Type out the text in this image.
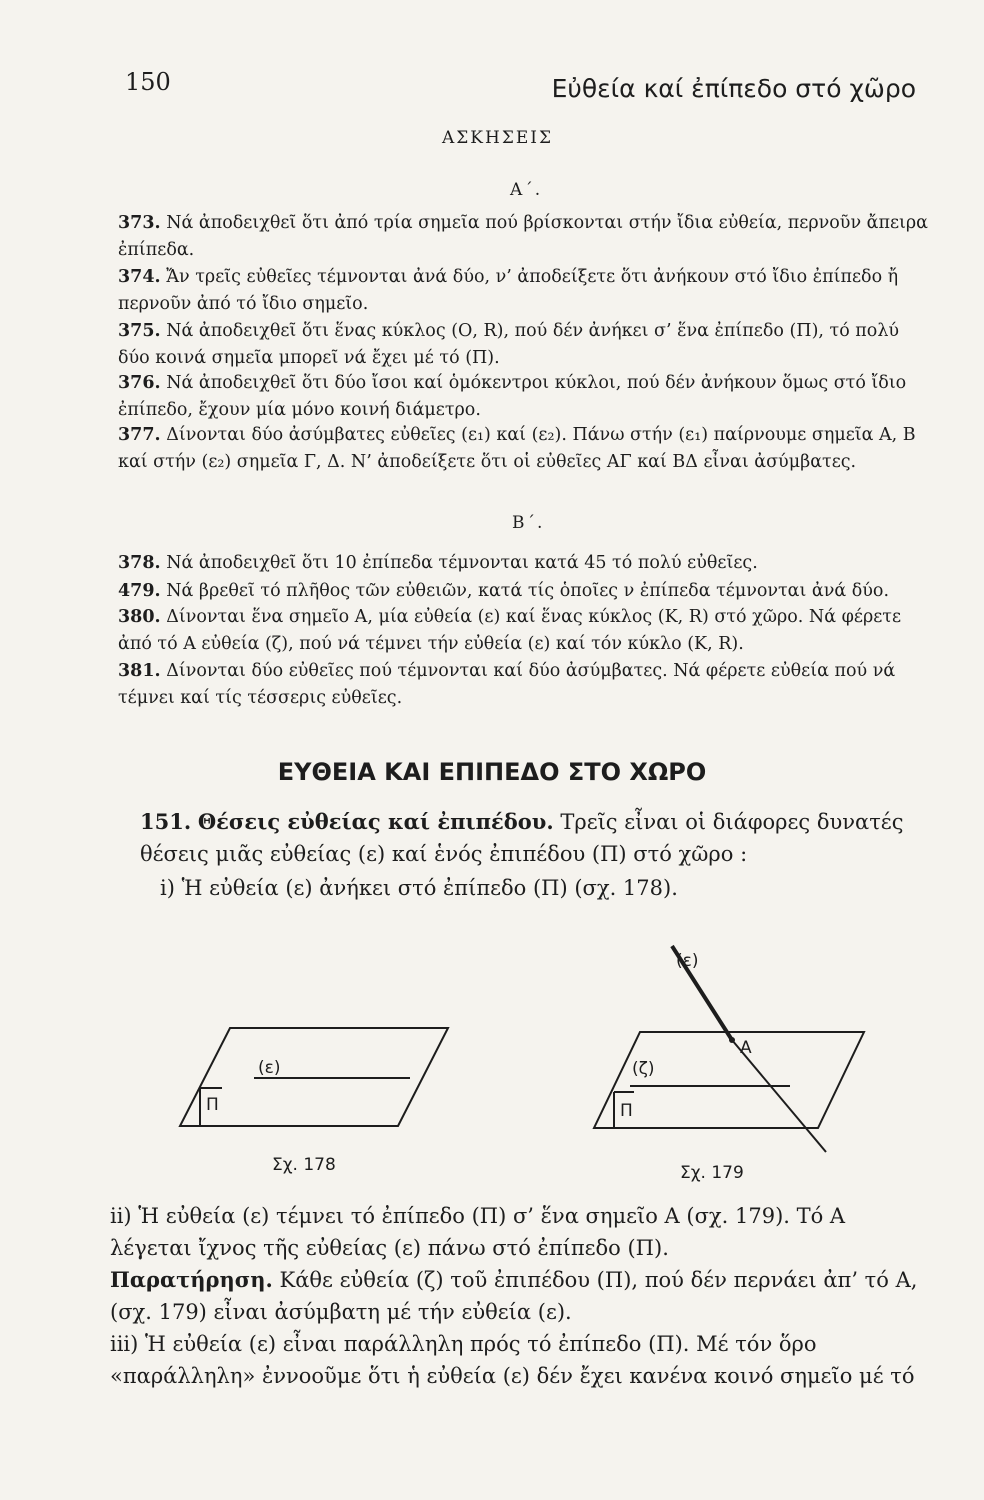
150	Εὐθεία καί ἐπίπεδο στό χῶρο
ΑΣΚΗΣΕΙΣ
Α΄.
373. Νά ἀποδειχθεῖ ὅτι ἀπό τρία σημεῖα πού βρίσκονται στήν ἴδια εὐθεία, περνοῦν ἄπειρα ἐπίπεδα.
374. Ἄν τρεῖς εὐθεῖες τέμνονται ἀνά δύο, ν’ ἀποδείξετε ὅτι ἀνήκουν στό ἴδιο ἐπίπεδο ἤ περνοῦν ἀπό τό ἴδιο σημεῖο.
375. Νά ἀποδειχθεῖ ὅτι ἕνας κύκλος (Ο, R), πού δέν ἀνήκει σ’ ἕνα ἐπίπεδο (Π), τό πολύ δύο κοινά σημεῖα μπορεῖ νά ἔχει μέ τό (Π).
376. Νά ἀποδειχθεῖ ὅτι δύο ἴσοι καί ὁμόκεντροι κύκλοι, πού δέν ἀνήκουν ὅμως στό ἴδιο ἐπίπεδο, ἔχουν μία μόνο κοινή διάμετρο.
377. Δίνονται δύο ἀσύμβατες εὐθεῖες (ε₁) καί (ε₂). Πάνω στήν (ε₁) παίρνουμε σημεῖα Α, Β καί στήν (ε₂) σημεῖα Γ, Δ. Ν’ ἀποδείξετε ὅτι οἱ εὐθεῖες ΑΓ καί ΒΔ εἶναι ἀσύμβατες.
Β΄.
378. Νά ἀποδειχθεῖ ὅτι 10 ἐπίπεδα τέμνονται κατά 45 τό πολύ εὐθεῖες.
479. Νά βρεθεῖ τό πλῆθος τῶν εὐθειῶν, κατά τίς ὁποῖες ν ἐπίπεδα τέμνονται ἀνά δύο.
380. Δίνονται ἕνα σημεῖο Α, μία εὐθεία (ε) καί ἕνας κύκλος (Κ, R) στό χῶρο. Νά φέρετε ἀπό τό Α εὐθεία (ζ), πού νά τέμνει τήν εὐθεία (ε) καί τόν κύκλο (Κ, R).
381. Δίνονται δύο εὐθεῖες πού τέμνονται καί δύο ἀσύμβατες. Νά φέρετε εὐθεία πού νά τέμνει καί τίς τέσσερις εὐθεῖες.
ΕΥΘΕΙΑ ΚΑΙ ΕΠΙΠΕΔΟ ΣΤΟ ΧΩΡΟ
151. Θέσεις εὐθείας καί ἐπιπέδου. Τρεῖς εἶναι οἱ διάφορες δυνατές θέσεις μιᾶς εὐθείας (ε) καί ἑνός ἐπιπέδου (Π) στό χῶρο :
i) Ἡ εὐθεία (ε) ἀνήκει στό ἐπίπεδο (Π) (σχ. 178).
(ε)
Π
Σχ. 178
(ε)
Α
(ζ)
Π
Σχ. 179
ii) Ἡ εὐθεία (ε) τέμνει τό ἐπίπεδο (Π) σ’ ἕνα σημεῖο Α (σχ. 179). Τό Α λέγεται ἴχνος τῆς εὐθείας (ε) πάνω στό ἐπίπεδο (Π).
Παρατήρηση. Κάθε εὐθεία (ζ) τοῦ ἐπιπέδου (Π), πού δέν περνάει ἀπ’ τό Α, (σχ. 179) εἶναι ἀσύμβατη μέ τήν εὐθεία (ε).
iii) Ἡ εὐθεία (ε) εἶναι παράλληλη πρός τό ἐπίπεδο (Π). Μέ τόν ὅρο «παράλληλη» ἐννοοῦμε ὅτι ἡ εὐθεία (ε) δέν ἔχει κανένα κοινό σημεῖο μέ τό
